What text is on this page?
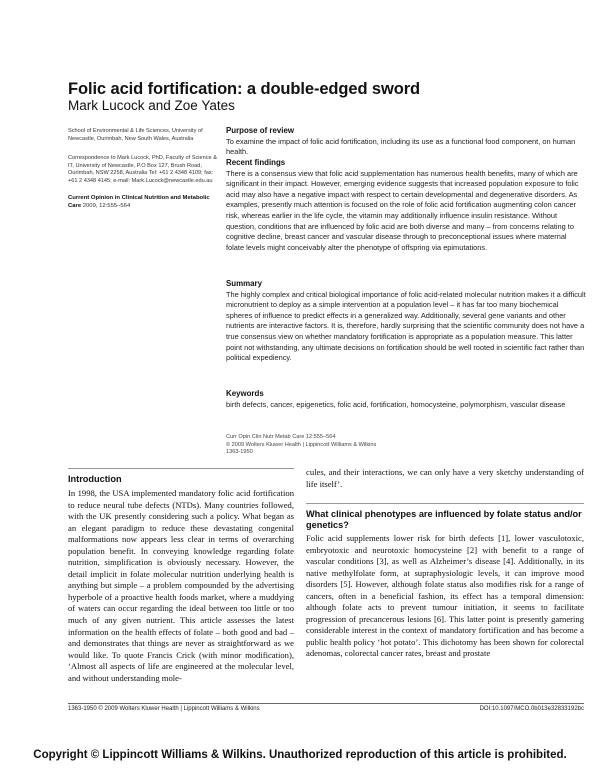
Folic acid fortification: a double-edged sword
Mark Lucock and Zoe Yates
School of Environmental & Life Sciences, University of Newcastle, Ourimbah, New South Wales, Australia
Correspondence to Mark Lucock, PhD, Faculty of Science & IT, University of Newcastle, P.O Box 127, Brush Road, Ourimbah, NSW 2258, Australia Tel: +61 2 4348 4109; fax: +61 2 4348 4145; e-mail: Mark.Lucock@newcastle.edu.au
Current Opinion in Clinical Nutrition and Metabolic Care 2009, 12:555–564
Purpose of review

To examine the impact of folic acid fortification, including its use as a functional food component, on human health.

Recent findings

There is a consensus view that folic acid supplementation has numerous health benefits, many of which are significant in their impact. However, emerging evidence suggests that increased population exposure to folic acid may also have a negative impact with respect to certain developmental and degenerative disorders. As examples, presently much attention is focused on the role of folic acid fortification augmenting colon cancer risk, whereas earlier in the life cycle, the vitamin may additionally influence insulin resistance. Without question, conditions that are influenced by folic acid are both diverse and many – from concerns relating to cognitive decline, breast cancer and vascular disease through to preconceptional issues where maternal folate levels might conceivably alter the phenotype of offspring via epimutations.

Summary

The highly complex and critical biological importance of folic acid-related molecular nutrition makes it a difficult micronutrient to deploy as a simple intervention at a population level – it has far too many biochemical spheres of influence to predict effects in a generalized way. Additionally, several gene variants and other nutrients are interactive factors. It is, therefore, hardly surprising that the scientific community does not have a true consensus view on whether mandatory fortification is appropriate as a population measure. This latter point not withstanding, any ultimate decisions on fortification should be well rooted in scientific fact rather than political expediency.

Keywords

birth defects, cancer, epigenetics, folic acid, fortification, homocysteine, polymorphism, vascular disease

Curr Opin Clin Nutr Metab Care 12:555–564
© 2009 Wolters Kluwer Health | Lippincott Williams & Wilkins
1363-1950
Introduction

In 1998, the USA implemented mandatory folic acid fortification to reduce neural tube defects (NTDs). Many countries followed, with the UK presently considering such a policy. What began as an elegant paradigm to reduce these devastating congenital malformations now appears less clear in terms of overarching population benefit. In conveying knowledge regarding folate nutrition, simplification is obviously necessary. However, the detail implicit in folate molecular nutrition underlying health is anything but simple – a problem compounded by the advertising hyperbole of a proactive health foods market, where a muddying of waters can occur regarding the ideal between too little or too much of any given nutrient. This article assesses the latest information on the health effects of folate – both good and bad – and demonstrates that things are never as straightforward as we would like. To quote Francis Crick (with minor modification), ‘Almost all aspects of life are engineered at the molecular level, and without understanding mole-

cules, and their interactions, we can only have a very sketchy understanding of life itself’.

What clinical phenotypes are influenced by folate status and/or genetics?

Folic acid supplements lower risk for birth defects [1], lower vasculotoxic, embryotoxic and neurotoxic homocysteine [2] with benefit to a range of vascular conditions [3], as well as Alzheimer’s disease [4]. Additionally, in its native methylfolate form, at supraphysiologic levels, it can improve mood disorders [5]. However, although folate status also modifies risk for a range of cancers, often in a beneficial fashion, its effect has a temporal dimension: although folate acts to prevent tumour initiation, it seems to facilitate progression of precancerous lesions [6]. This latter point is presently garnering considerable interest in the context of mandatory fortification and has become a public health policy ‘hot potato’. This dichotomy has been shown for colorectal adenomas, colorectal cancer rates, breast and prostate

1363-1950 © 2009 Wolters Kluwer Health | Lippincott Williams & Wilkins	DOI:10.1097/MCO.0b013e32833192bc
Copyright © Lippincott Williams & Wilkins. Unauthorized reproduction of this article is prohibited.
